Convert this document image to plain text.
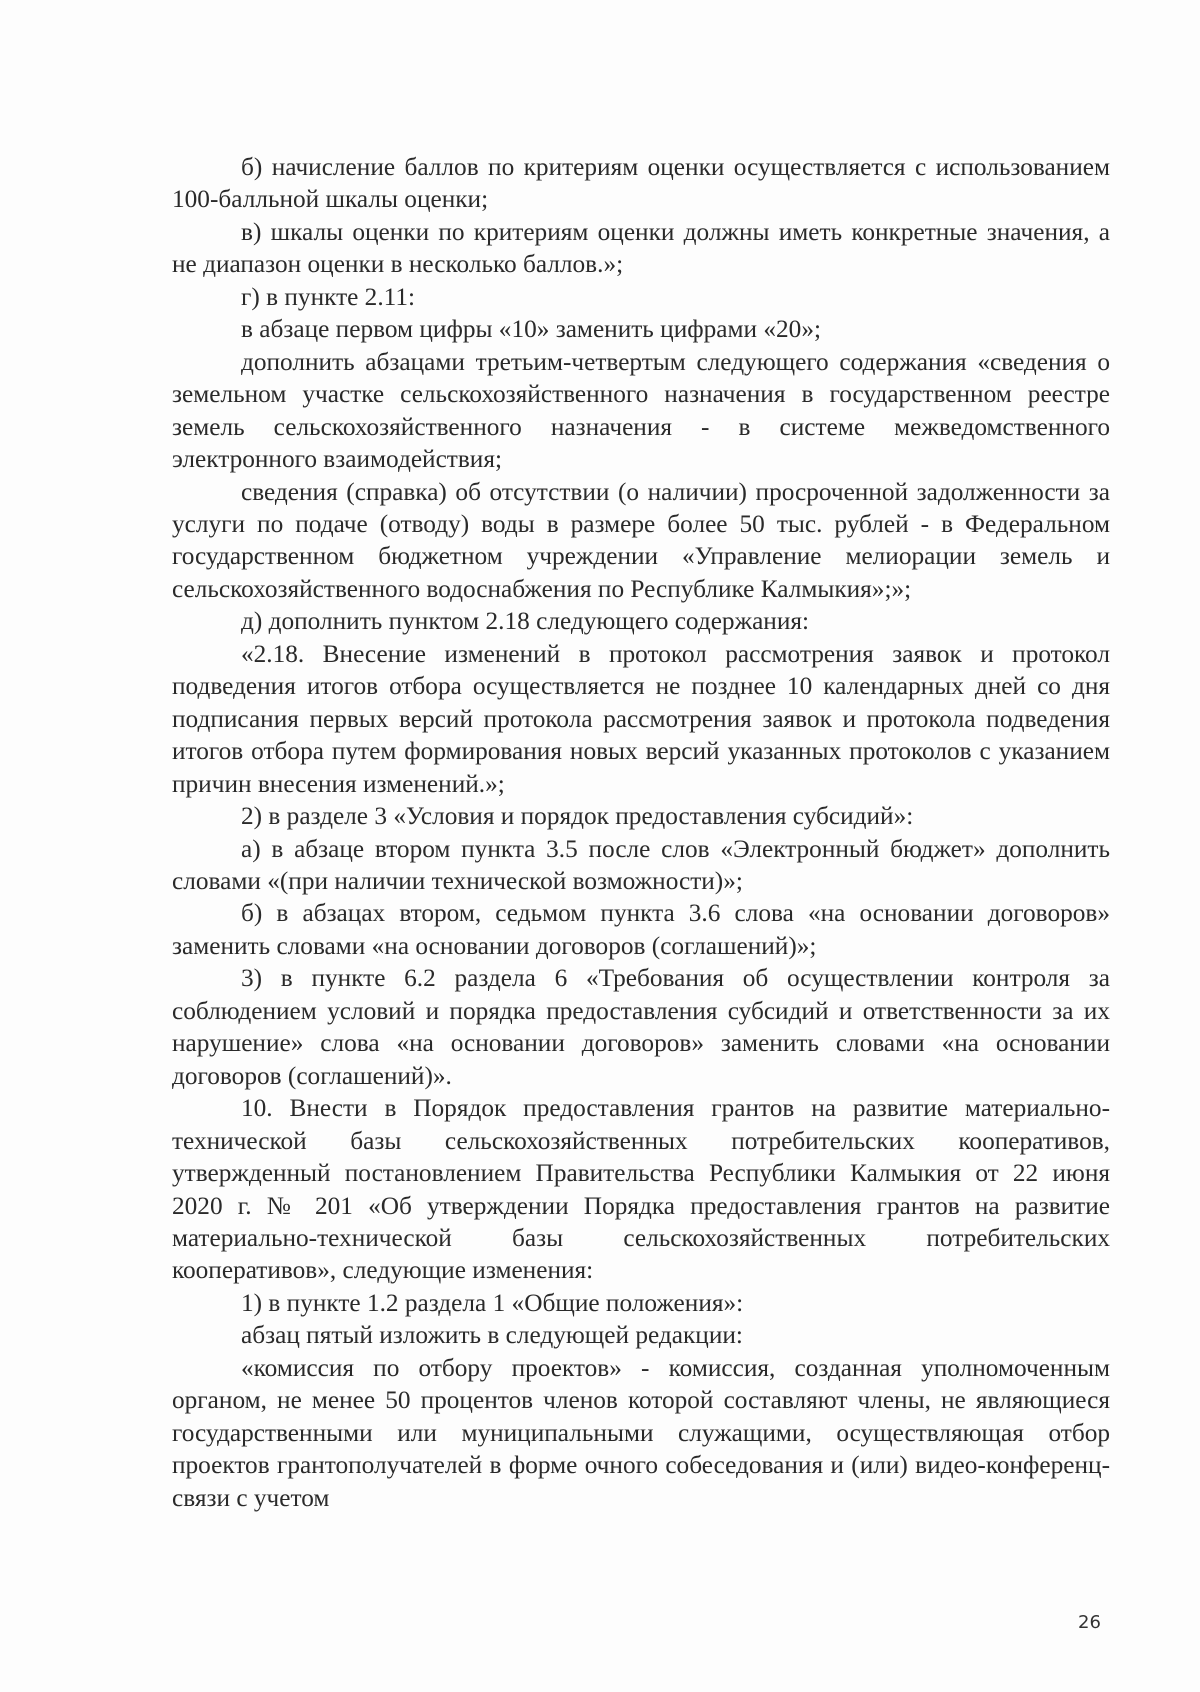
б) начисление баллов по критериям оценки осуществляется с использованием 100-балльной шкалы оценки;

в) шкалы оценки по критериям оценки должны иметь конкретные значения, а не диапазон оценки в несколько баллов.»;

г) в пункте 2.11:

в абзаце первом цифры «10» заменить цифрами «20»;

дополнить абзацами третьим-четвертым следующего содержания «сведения о земельном участке сельскохозяйственного назначения в государственном реестре земель сельскохозяйственного назначения - в системе межведомственного электронного взаимодействия;

сведения (справка) об отсутствии (о наличии) просроченной задолженности за услуги по подаче (отводу) воды в размере более 50 тыс. рублей - в Федеральном государственном бюджетном учреждении «Управление мелиорации земель и сельскохозяйственного водоснабжения по Республике Калмыкия»;»;

д) дополнить пунктом 2.18 следующего содержания:

«2.18. Внесение изменений в протокол рассмотрения заявок и протокол подведения итогов отбора осуществляется не позднее 10 календарных дней со дня подписания первых версий протокола рассмотрения заявок и протокола подведения итогов отбора путем формирования новых версий указанных протоколов с указанием причин внесения изменений.»;

2) в разделе 3 «Условия и порядок предоставления субсидий»:

а) в абзаце втором пункта 3.5 после слов «Электронный бюджет» дополнить словами «(при наличии технической возможности)»;

б) в абзацах втором, седьмом пункта 3.6 слова «на основании договоров» заменить словами «на основании договоров (соглашений)»;

3) в пункте 6.2 раздела 6 «Требования об осуществлении контроля за соблюдением условий и порядка предоставления субсидий и ответственности за их нарушение» слова «на основании договоров» заменить словами «на основании договоров (соглашений)».

10. Внести в Порядок предоставления грантов на развитие материально-технической базы сельскохозяйственных потребительских кооперативов, утвержденный постановлением Правительства Республики Калмыкия от 22 июня 2020 г. № 201 «Об утверждении Порядка предоставления грантов на развитие материально-технической базы сельскохозяйственных потребительских кооперативов», следующие изменения:

1) в пункте 1.2 раздела 1 «Общие положения»:

абзац пятый изложить в следующей редакции:

«комиссия по отбору проектов» - комиссия, созданная уполномоченным органом, не менее 50 процентов членов которой составляют члены, не являющиеся государственными или муниципальными служащими, осуществляющая отбор проектов грантополучателей в форме очного собеседования и (или) видео-конференц-связи с учетом

26
